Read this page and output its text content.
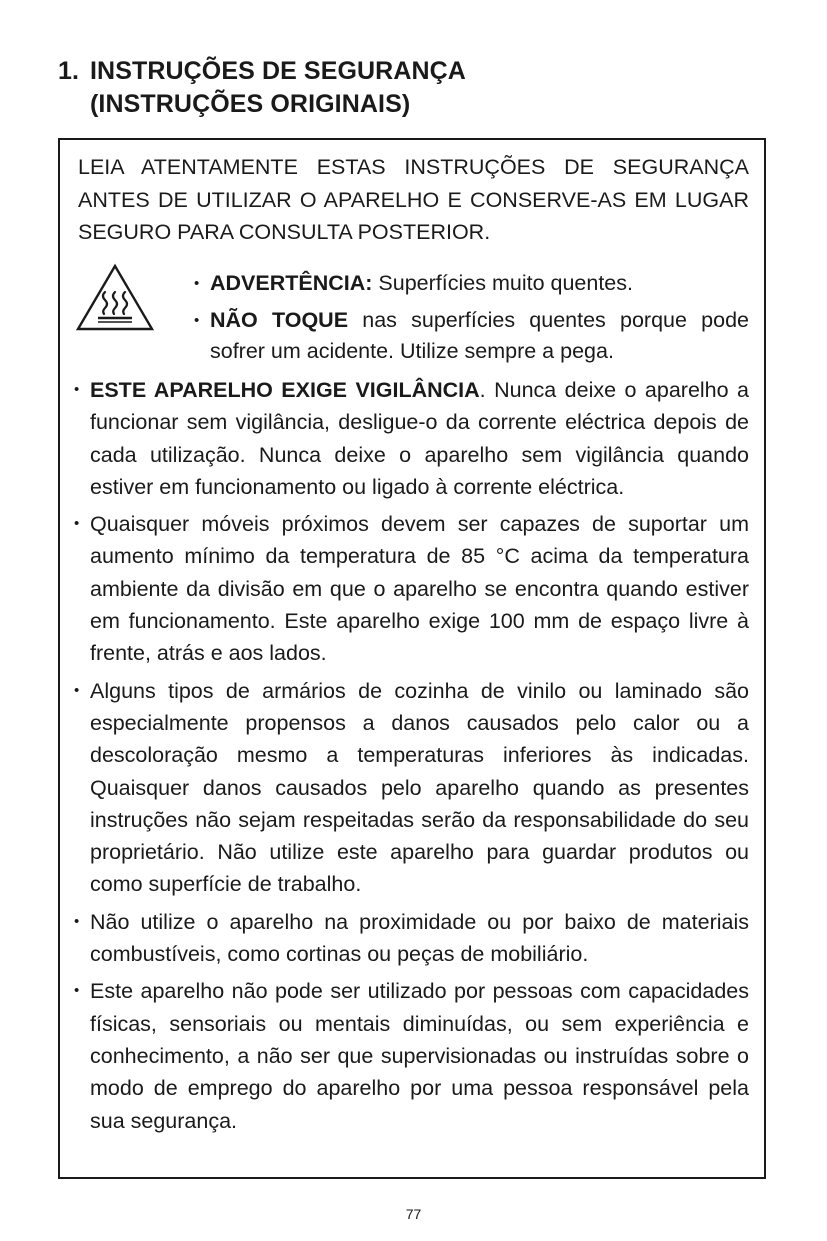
1. INSTRUÇÕES DE SEGURANÇA
(INSTRUÇÕES ORIGINAIS)

LEIA ATENTAMENTE ESTAS INSTRUÇÕES DE SEGURANÇA ANTES DE UTILIZAR O APARELHO E CONSERVE-AS EM LUGAR SEGURO PARA CONSULTA POSTERIOR.

• ADVERTÊNCIA: Superfícies muito quentes.
• NÃO TOQUE nas superfícies quentes porque pode sofrer um acidente. Utilize sempre a pega.
• ESTE APARELHO EXIGE VIGILÂNCIA. Nunca deixe o aparelho a funcionar sem vigilância, desligue-o da corrente eléctrica depois de cada utilização. Nunca deixe o aparelho sem vigilância quando estiver em funcionamento ou ligado à corrente eléctrica.
• Quaisquer móveis próximos devem ser capazes de suportar um aumento mínimo da temperatura de 85 °C acima da temperatura ambiente da divisão em que o aparelho se encontra quando estiver em funcionamento. Este aparelho exige 100 mm de espaço livre à frente, atrás e aos lados.
• Alguns tipos de armários de cozinha de vinilo ou laminado são especialmente propensos a danos causados pelo calor ou a descoloração mesmo a temperaturas inferiores às indicadas. Quaisquer danos causados pelo aparelho quando as presentes instruções não sejam respeitadas serão da responsabilidade do seu proprietário. Não utilize este aparelho para guardar produtos ou como superfície de trabalho.
• Não utilize o aparelho na proximidade ou por baixo de materiais combustíveis, como cortinas ou peças de mobiliário.
• Este aparelho não pode ser utilizado por pessoas com capacidades físicas, sensoriais ou mentais diminuídas, ou sem experiência e conhecimento, a não ser que supervisionadas ou instruídas sobre o modo de emprego do aparelho por uma pessoa responsável pela sua segurança.
77
